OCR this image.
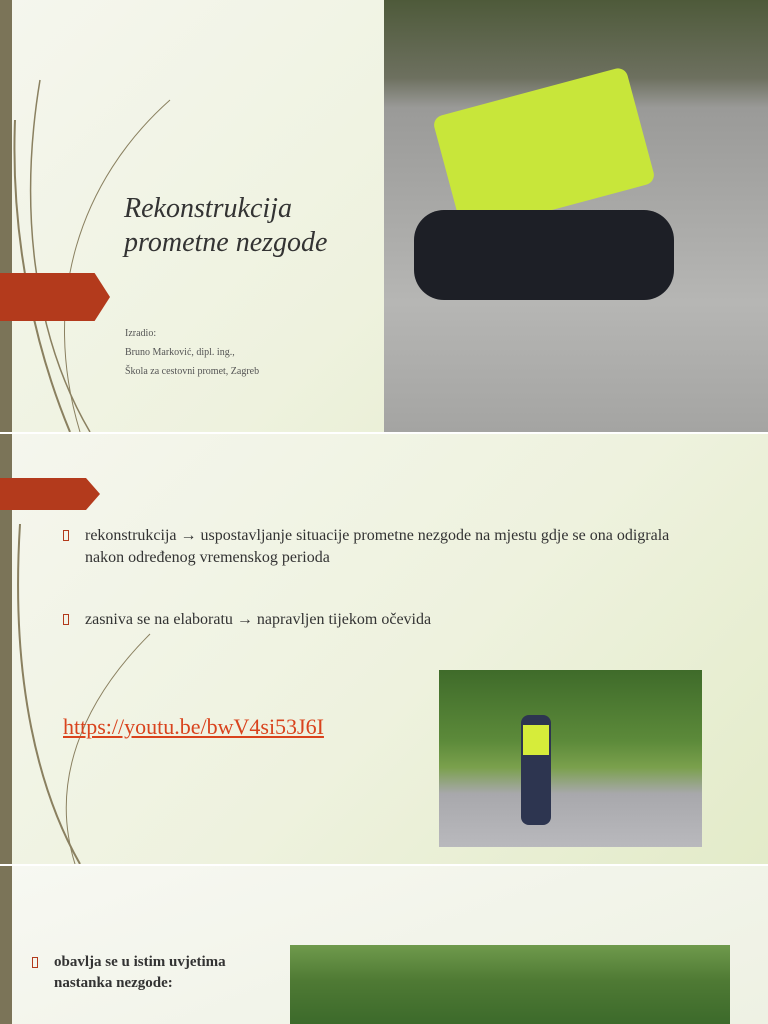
Rekonstrukcija
prometne nezgode
Izradio:
Bruno Marković, dipl. ing.,
Škola za cestovni promet, Zagreb
rekonstrukcija → uspostavljanje situacije prometne nezgode na mjestu gdje se ona odigrala nakon određenog vremenskog perioda
zasniva se na elaboratu → napravljen tijekom očevida
https://youtu.be/bwV4si53J6I
obavlja se u istim uvjetima nastanka nezgode:
